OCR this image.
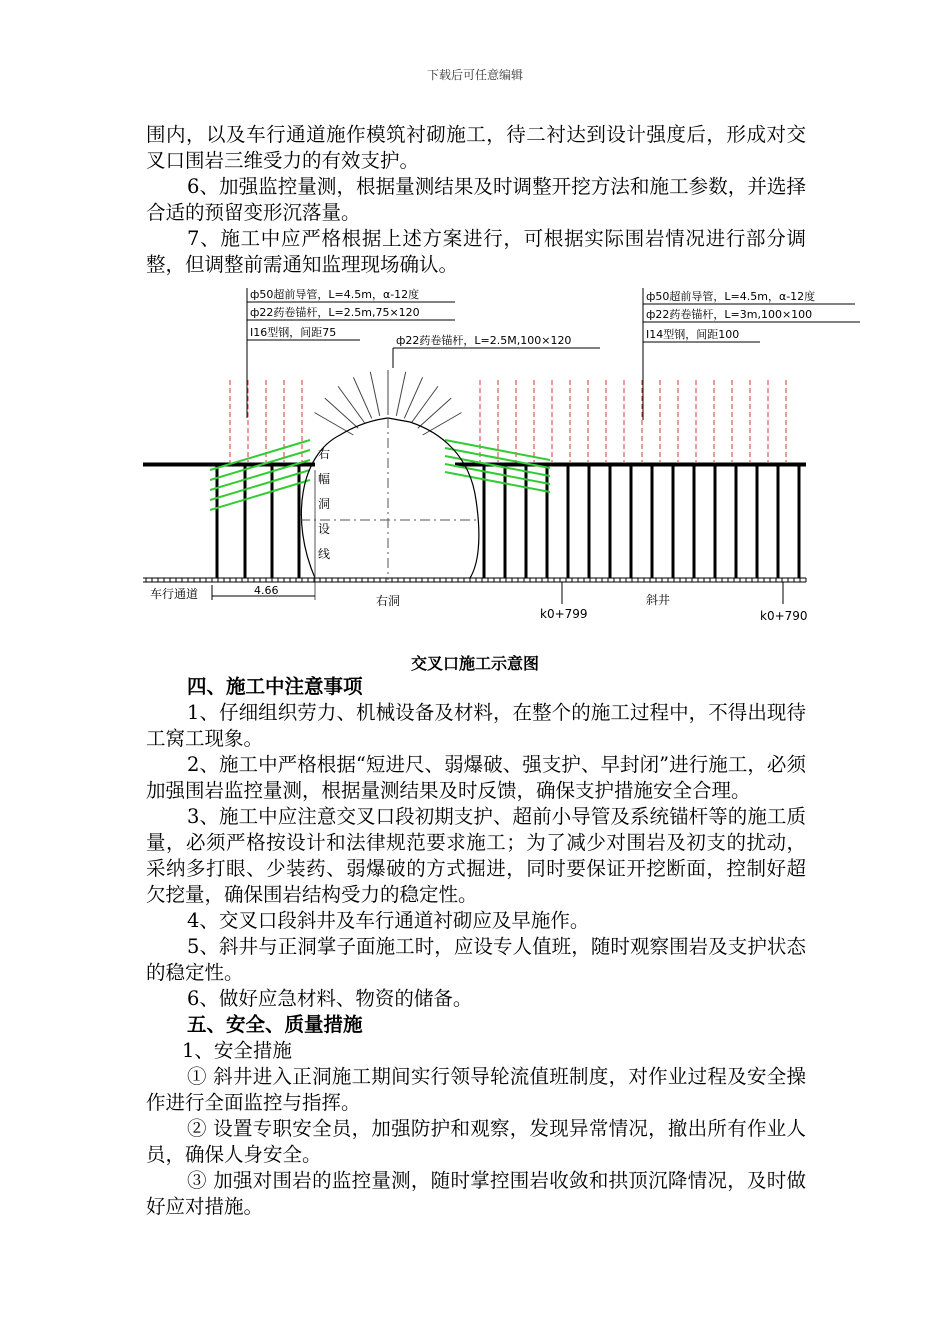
下载后可任意编辑

围内，以及车行通道施作模筑衬砌施工，待二衬达到设计强度后，形成对交叉口围岩三维受力的有效支护。

6、加强监控量测，根据量测结果及时调整开挖方法和施工参数，并选择合适的预留变形沉落量。

7、施工中应严格根据上述方案进行，可根据实际围岩情况进行部分调整，但调整前需通知监理现场确认。

ф50超前导管，L=4.5m，α-12度
ф22药卷锚杆，L=2.5m,75×120
I16型钢，间距75
ф22药卷锚杆，L=2.5M,100×120
ф50超前导管，L=4.5m，α-12度
ф22药卷锚杆，L=3m,100×100
I14型钢，间距100
右
幅
洞
设
线
车行通道	4.66
右洞
k0+799
斜井
k0+790
交叉口施工示意图

四、施工中注意事项

1、仔细组织劳力、机械设备及材料，在整个的施工过程中，不得出现待工窝工现象。

2、施工中严格根据“短进尺、弱爆破、强支护、早封闭”进行施工，必须加强围岩监控量测，根据量测结果及时反馈，确保支护措施安全合理。

3、施工中应注意交叉口段初期支护、超前小导管及系统锚杆等的施工质量，必须严格按设计和法律规范要求施工；为了减少对围岩及初支的扰动，采纳多打眼、少装药、弱爆破的方式掘进，同时要保证开挖断面，控制好超欠挖量，确保围岩结构受力的稳定性。

4、交叉口段斜井及车行通道衬砌应及早施作。

5、斜井与正洞掌子面施工时，应设专人值班，随时观察围岩及支护状态的稳定性。

6、做好应急材料、物资的储备。

五、安全、质量措施

1、安全措施

① 斜井进入正洞施工期间实行领导轮流值班制度，对作业过程及安全操作进行全面监控与指挥。

② 设置专职安全员，加强防护和观察，发现异常情况，撤出所有作业人员，确保人身安全。

③ 加强对围岩的监控量测，随时掌控围岩收敛和拱顶沉降情况，及时做好应对措施。
